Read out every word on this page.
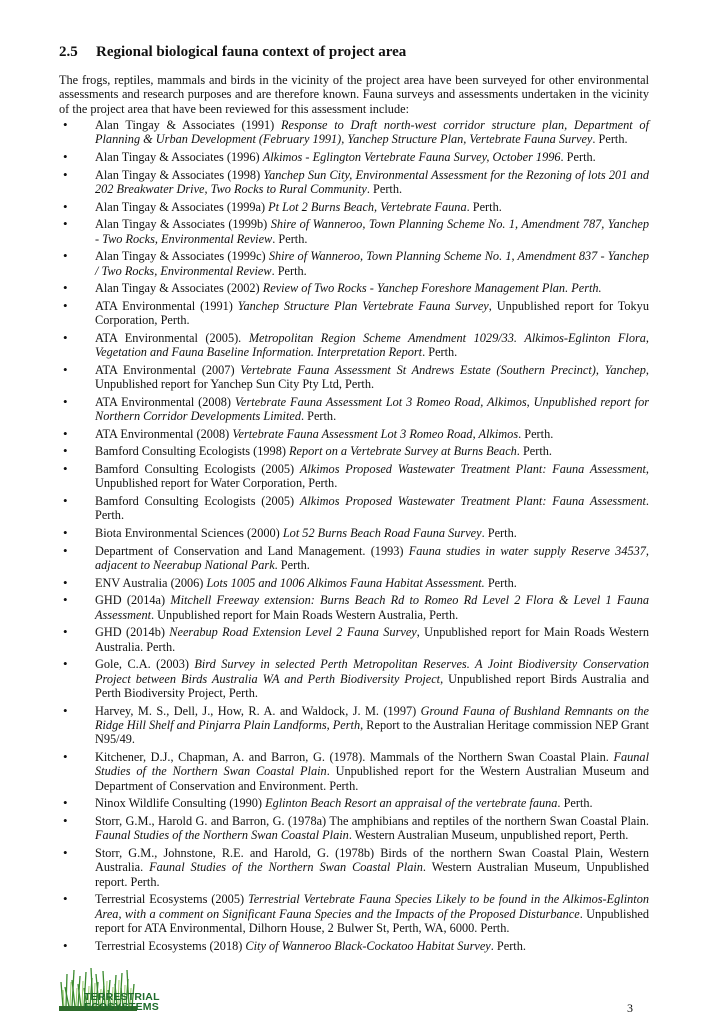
2.5 Regional biological fauna context of project area

The frogs, reptiles, mammals and birds in the vicinity of the project area have been surveyed for other environmental assessments and research purposes and are therefore known. Fauna surveys and assessments undertaken in the vicinity of the project area that have been reviewed for this assessment include:

• Alan Tingay & Associates (1991) Response to Draft north-west corridor structure plan, Department of Planning & Urban Development (February 1991), Yanchep Structure Plan, Vertebrate Fauna Survey. Perth.
• Alan Tingay & Associates (1996) Alkimos - Eglington Vertebrate Fauna Survey, October 1996. Perth.
• Alan Tingay & Associates (1998) Yanchep Sun City, Environmental Assessment for the Rezoning of lots 201 and 202 Breakwater Drive, Two Rocks to Rural Community. Perth.
• Alan Tingay & Associates (1999a) Pt Lot 2 Burns Beach, Vertebrate Fauna. Perth.
• Alan Tingay & Associates (1999b) Shire of Wanneroo, Town Planning Scheme No. 1, Amendment 787, Yanchep - Two Rocks, Environmental Review. Perth.
• Alan Tingay & Associates (1999c) Shire of Wanneroo, Town Planning Scheme No. 1, Amendment 837 - Yanchep / Two Rocks, Environmental Review. Perth.
• Alan Tingay & Associates (2002) Review of Two Rocks - Yanchep Foreshore Management Plan. Perth.
• ATA Environmental (1991) Yanchep Structure Plan Vertebrate Fauna Survey, Unpublished report for Tokyu Corporation, Perth.
• ATA Environmental (2005). Metropolitan Region Scheme Amendment 1029/33. Alkimos-Eglinton Flora, Vegetation and Fauna Baseline Information. Interpretation Report. Perth.
• ATA Environmental (2007) Vertebrate Fauna Assessment St Andrews Estate (Southern Precinct), Yanchep, Unpublished report for Yanchep Sun City Pty Ltd, Perth.
• ATA Environmental (2008) Vertebrate Fauna Assessment Lot 3 Romeo Road, Alkimos, Unpublished report for Northern Corridor Developments Limited. Perth.
• ATA Environmental (2008) Vertebrate Fauna Assessment Lot 3 Romeo Road, Alkimos. Perth.
• Bamford Consulting Ecologists (1998) Report on a Vertebrate Survey at Burns Beach. Perth.
• Bamford Consulting Ecologists (2005) Alkimos Proposed Wastewater Treatment Plant: Fauna Assessment, Unpublished report for Water Corporation, Perth.
• Bamford Consulting Ecologists (2005) Alkimos Proposed Wastewater Treatment Plant: Fauna Assessment. Perth.
• Biota Environmental Sciences (2000) Lot 52 Burns Beach Road Fauna Survey. Perth.
• Department of Conservation and Land Management. (1993) Fauna studies in water supply Reserve 34537, adjacent to Neerabup National Park. Perth.
• ENV Australia (2006) Lots 1005 and 1006 Alkimos Fauna Habitat Assessment. Perth.
• GHD (2014a) Mitchell Freeway extension: Burns Beach Rd to Romeo Rd Level 2 Flora & Level 1 Fauna Assessment. Unpublished report for Main Roads Western Australia, Perth.
• GHD (2014b) Neerabup Road Extension Level 2 Fauna Survey, Unpublished report for Main Roads Western Australia. Perth.
• Gole, C.A. (2003) Bird Survey in selected Perth Metropolitan Reserves. A Joint Biodiversity Conservation Project between Birds Australia WA and Perth Biodiversity Project, Unpublished report Birds Australia and Perth Biodiversity Project, Perth.
• Harvey, M. S., Dell, J., How, R. A. and Waldock, J. M. (1997) Ground Fauna of Bushland Remnants on the Ridge Hill Shelf and Pinjarra Plain Landforms, Perth, Report to the Australian Heritage commission NEP Grant N95/49.
• Kitchener, D.J., Chapman, A. and Barron, G. (1978). Mammals of the Northern Swan Coastal Plain. Faunal Studies of the Northern Swan Coastal Plain. Unpublished report for the Western Australian Museum and Department of Conservation and Environment. Perth.
• Ninox Wildlife Consulting (1990) Eglinton Beach Resort an appraisal of the vertebrate fauna. Perth.
• Storr, G.M., Harold G. and Barron, G. (1978a) The amphibians and reptiles of the northern Swan Coastal Plain. Faunal Studies of the Northern Swan Coastal Plain. Western Australian Museum, unpublished report, Perth.
• Storr, G.M., Johnstone, R.E. and Harold, G. (1978b) Birds of the northern Swan Coastal Plain, Western Australia. Faunal Studies of the Northern Swan Coastal Plain. Western Australian Museum, Unpublished report. Perth.
• Terrestrial Ecosystems (2005) Terrestrial Vertebrate Fauna Species Likely to be found in the Alkimos-Eglinton Area, with a comment on Significant Fauna Species and the Impacts of the Proposed Disturbance. Unpublished report for ATA Environmental, Dilhorn House, 2 Bulwer St, Perth, WA, 6000. Perth.
• Terrestrial Ecosystems (2018) City of Wanneroo Black-Cockatoo Habitat Survey. Perth.
TERRESTRIAL
ECOSYSTEMS	3
